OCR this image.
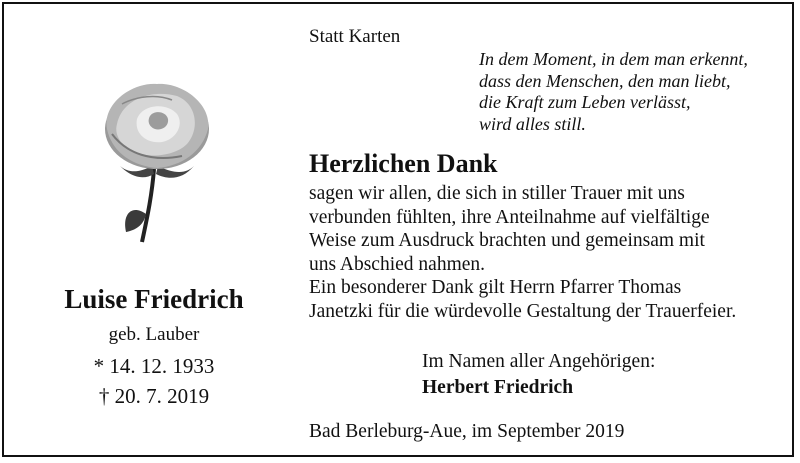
Luise Friedrich
geb. Lauber
* 14. 12. 1933
† 20. 7. 2019
Statt Karten
In dem Moment, in dem man erkennt,
dass den Menschen, den man liebt,
die Kraft zum Leben verlässt,
wird alles still.
Herzlichen Dank
sagen wir allen, die sich in stiller Trauer mit uns
verbunden fühlten, ihre Anteilnahme auf vielfältige
Weise zum Ausdruck brachten und gemeinsam mit
uns Abschied nahmen.
Ein besonderer Dank gilt Herrn Pfarrer Thomas
Janetzki für die würdevolle Gestaltung der Trauerfeier.
Im Namen aller Angehörigen:
Herbert Friedrich
Bad Berleburg-Aue, im September 2019
